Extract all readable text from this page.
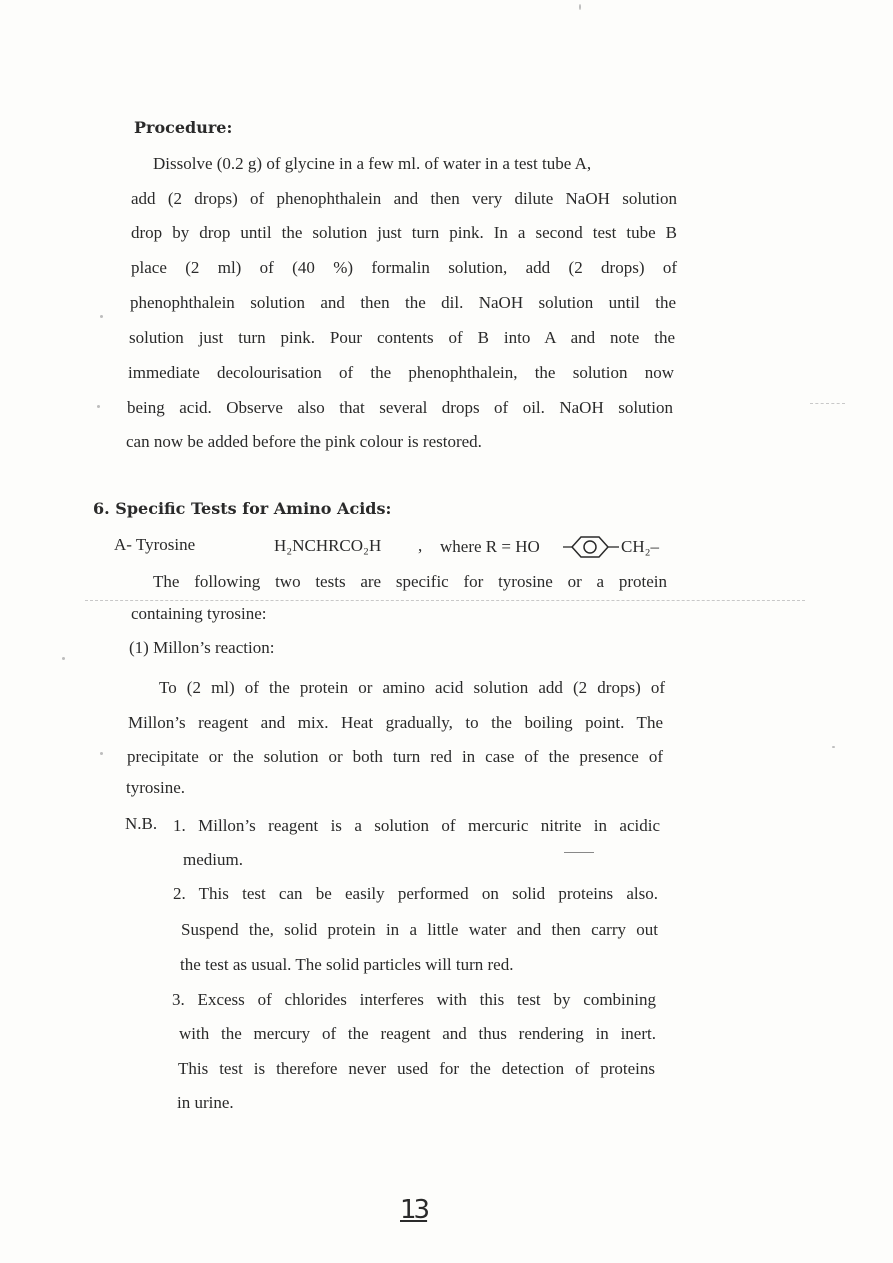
Procedure:
Dissolve (0.2 g) of glycine in a few ml. of water in a test tube A,
add (2 drops) of phenophthalein and then very dilute NaOH solution
drop by drop until the solution just turn pink. In a second test tube B
place (2 ml) of (40 %) formalin solution, add (2 drops) of
phenophthalein solution and then the dil. NaOH solution until the
solution just turn pink. Pour contents of B into A and note the
immediate decolourisation of the phenophthalein, the solution now
being acid. Observe also that several drops of oil. NaOH solution
can now be added before the pink colour is restored.
6. Specific Tests for Amino Acids:
A- Tyrosine	H₂NCHRCO₂H , where R = HO	CH₂–
The following two tests are specific for tyrosine or a protein
containing tyrosine:
(1) Millon’s reaction:
To (2 ml) of the protein or amino acid solution add (2 drops) of
Millon’s reagent and mix. Heat gradually, to the boiling point. The
precipitate or the solution or both turn red in case of the presence of
tyrosine.
N.B. 1. Millon’s reagent is a solution of mercuric nitrite in acidic
medium.
2. This test can be easily performed on solid proteins also.
Suspend the, solid protein in a little water and then carry out
the test as usual. The solid particles will turn red.
3. Excess of chlorides interferes with this test by combining
with the mercury of the reagent and thus rendering in inert.
This test is therefore never used for the detection of proteins
in urine.
13
